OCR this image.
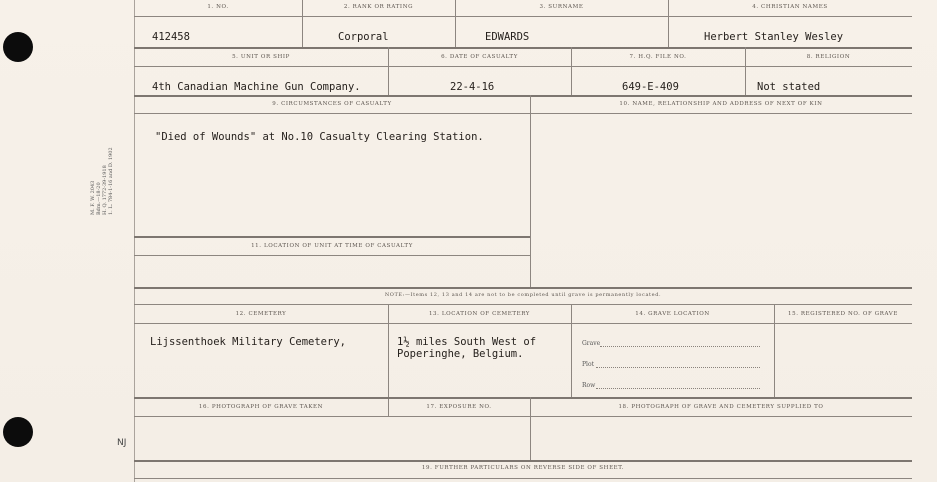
M. F. W. 2043 Bdm.—18-20 H. Q. 1772-39-1918 1. L. 784-1-16 and D. 1902
NJ
1. NO.	2. RANK OR RATING	3. SURNAME	4. CHRISTIAN NAMES
412458	Corporal	EDWARDS	Herbert Stanley Wesley
5. UNIT OR SHIP	6. DATE OF CASUALTY	7. H.Q. FILE NO.	8. RELIGION
4th Canadian Machine Gun Company.	22-4-16	649-E-409	Not stated
9. CIRCUMSTANCES OF CASUALTY	10. NAME, RELATIONSHIP AND ADDRESS OF NEXT OF KIN
"Died of Wounds" at No.10 Casualty Clearing Station.
11. LOCATION OF UNIT AT TIME OF CASUALTY
NOTE:—Items 12, 13 and 14 are not to be completed until grave is permanently located.
12. CEMETERY	13. LOCATION OF CEMETERY	14. GRAVE LOCATION	15. REGISTERED NO. OF GRAVE
Lijssenthoek Military Cemetery,	1½ miles South West of
Poperinghe, Belgium.
Grave
Plot
Row
16. PHOTOGRAPH OF GRAVE TAKEN	17. EXPOSURE NO.	18. PHOTOGRAPH OF GRAVE AND CEMETERY SUPPLIED TO
19. FURTHER PARTICULARS ON REVERSE SIDE OF SHEET.
